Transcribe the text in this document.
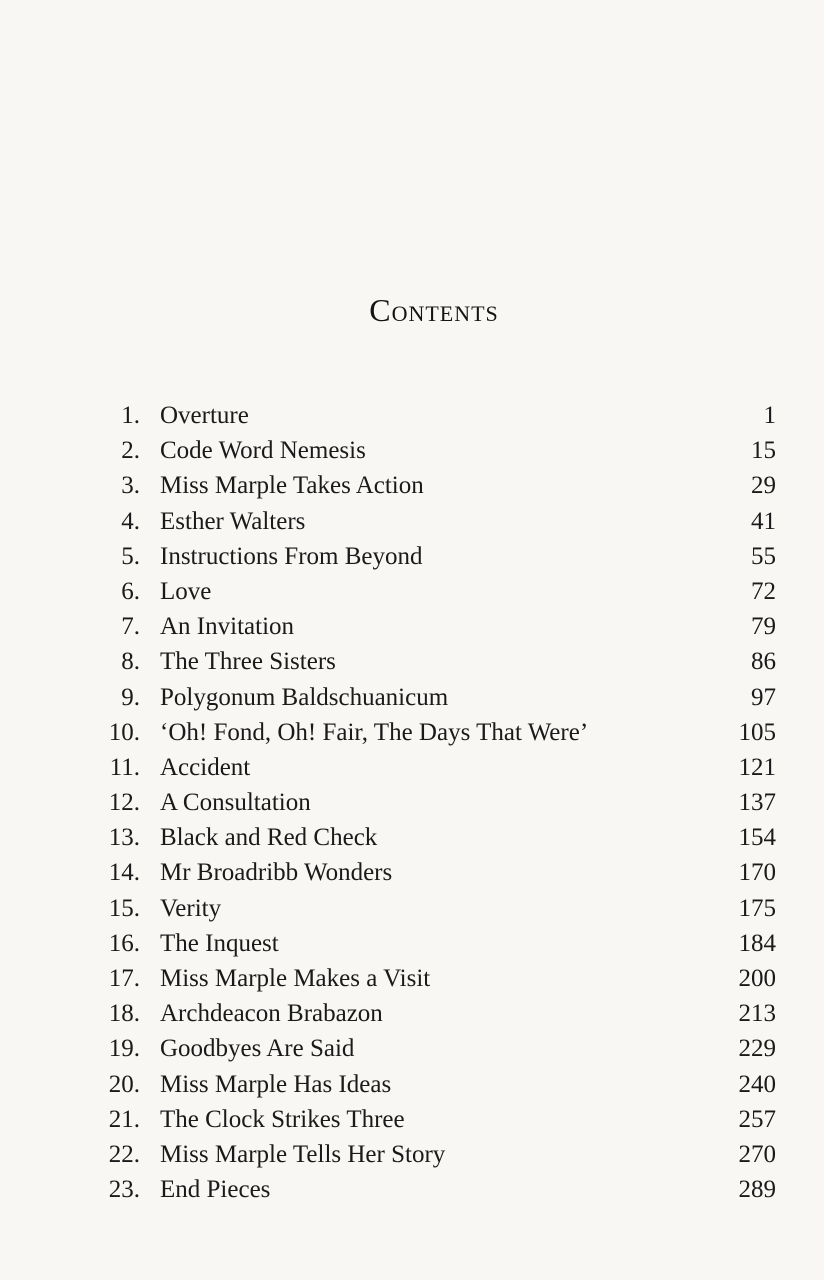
Contents
1. Overture	1
2. Code Word Nemesis	15
3. Miss Marple Takes Action	29
4. Esther Walters	41
5. Instructions From Beyond	55
6. Love	72
7. An Invitation	79
8. The Three Sisters	86
9. Polygonum Baldschuanicum	97
10. ‘Oh! Fond, Oh! Fair, The Days That Were’	105
11. Accident	121
12. A Consultation	137
13. Black and Red Check	154
14. Mr Broadribb Wonders	170
15. Verity	175
16. The Inquest	184
17. Miss Marple Makes a Visit	200
18. Archdeacon Brabazon	213
19. Goodbyes Are Said	229
20. Miss Marple Has Ideas	240
21. The Clock Strikes Three	257
22. Miss Marple Tells Her Story	270
23. End Pieces	289
